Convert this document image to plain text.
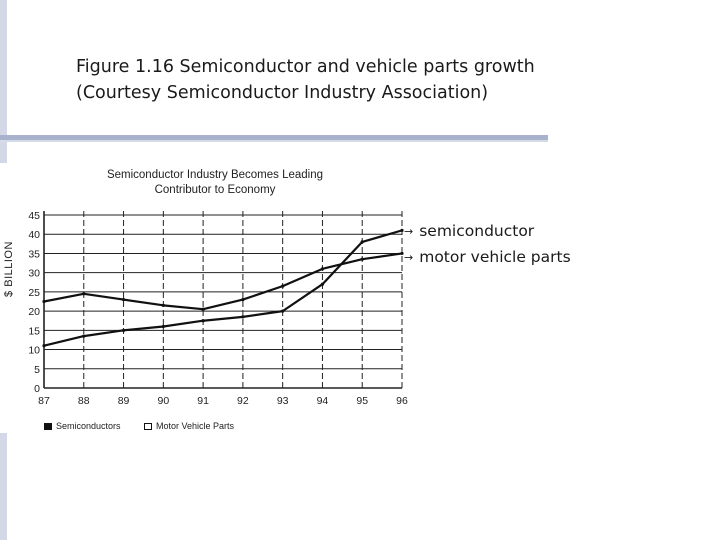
Figure 1.16 Semiconductor and vehicle parts growth
(Courtesy Semiconductor Industry Association)
Semiconductor Industry Becomes Leading
Contributor to Economy
$ BILLION
0
5
10
15
20
25
30
35
40
45
87	88	89	90	91	92	93	94	95	96
Semiconductors	Motor Vehicle Parts
→ semiconductor
→ motor vehicle parts
